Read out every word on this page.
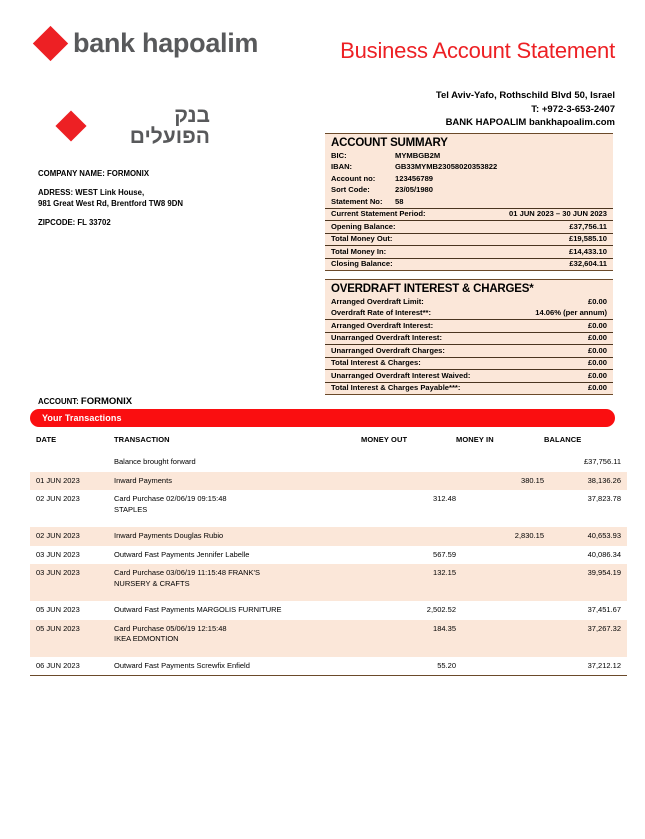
bank hapoalim
בנק הפועלים
Business Account Statement
Tel Aviv-Yafo, Rothschild Blvd 50, Israel
T: +972-3-653-2407
BANK HAPOALIM bankhapoalim.com
COMPANY NAME: FORMONIX
ADRESS: WEST Link House,
981 Great West Rd, Brentford TW8 9DN
ZIPCODE: FL 33702
ACCOUNT SUMMARY
BIC:	MYMBGB2M
IBAN:	GB33MYMB23058020353822
Account no:	123456789
Sort Code:	23/05/1980
Statement No: 58
Current Statement Period:	01 JUN 2023 – 30 JUN 2023
Opening Balance:	£37,756.11
Total Money Out:	£19,585.10
Total Money In:	£14,433.10
Closing Balance:	£32,604.11
OVERDRAFT INTEREST & CHARGES*
Arranged Overdraft Limit:	£0.00
Overdraft Rate of Interest**:	14.06% (per annum)
Arranged Overdraft Interest:	£0.00
Unarranged Overdraft Interest:	£0.00
Unarranged Overdraft Charges:	£0.00
Total Interest & Charges:	£0.00
Unarranged Overdraft Interest Waived:	£0.00
Total Interest & Charges Payable***:	£0.00
ACCOUNT: FORMONIX
Your Transactions
DATE	TRANSACTION	MONEY OUT	MONEY IN	BALANCE
	Balance brought forward			£37,756.11
01 JUN 2023	Inward Payments		380.15	38,136.26
02 JUN 2023	Card Purchase 02/06/19 09:15:48
STAPLES	312.48		37,823.78
02 JUN 2023	Inward Payments Douglas Rubio		2,830.15	40,653.93
03 JUN 2023	Outward Fast Payments Jennifer Labelle	567.59		40,086.34
03 JUN 2023	Card Purchase 03/06/19 11:15:48 FRANK'S
NURSERY & CRAFTS	132.15		39,954.19
05 JUN 2023	Outward Fast Payments MARGOLIS FURNITURE	2,502.52		37,451.67
05 JUN 2023	Card Purchase 05/06/19 12:15:48
IKEA EDMONTION	184.35		37,267.32
06 JUN 2023	Outward Fast Payments Screwfix Enfield	55.20		37,212.12
